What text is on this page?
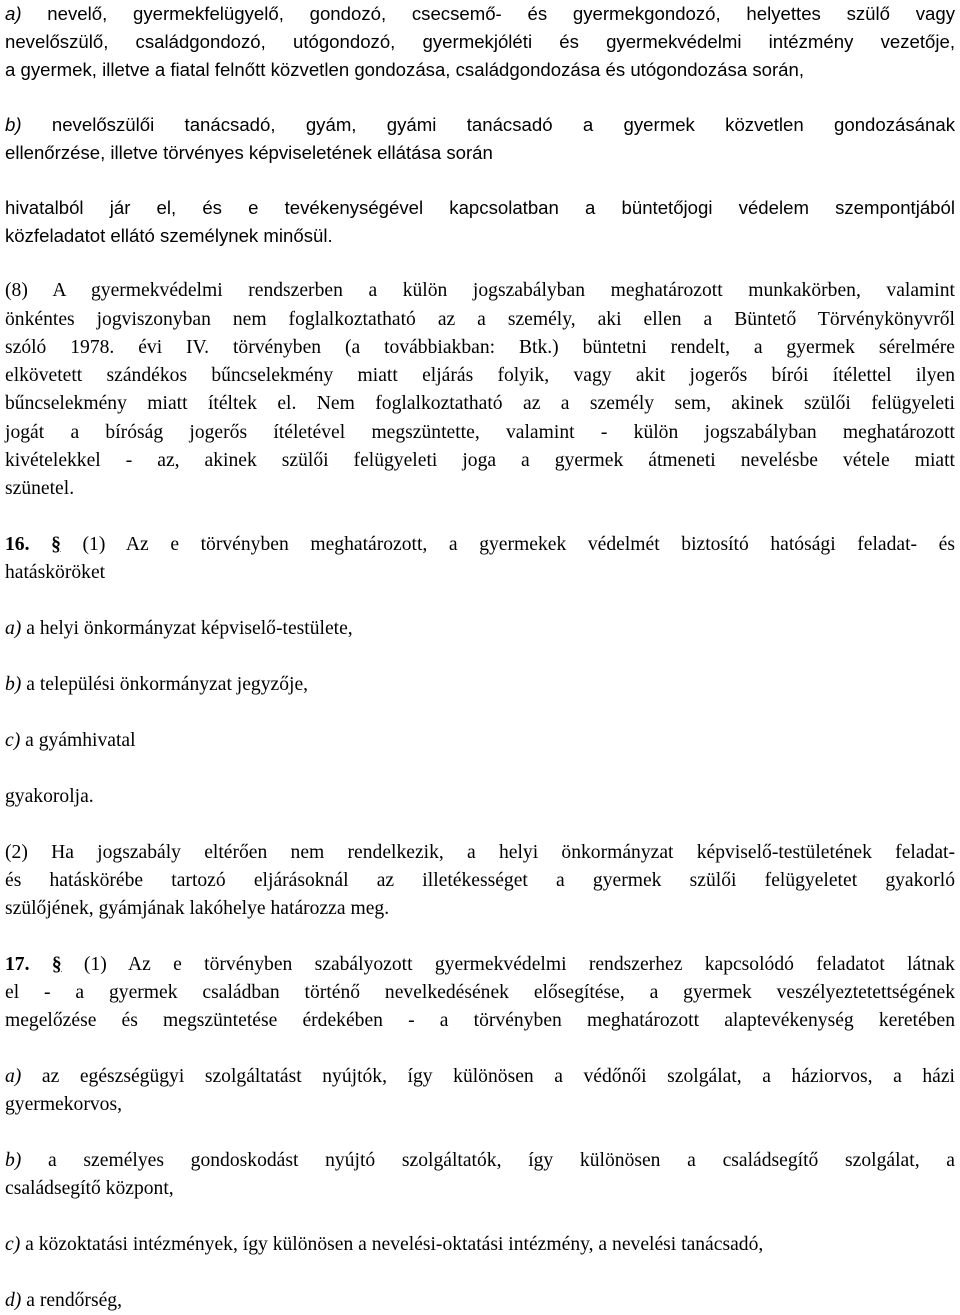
a) nevelő, gyermekfelügyelő, gondozó, csecsemő- és gyermekgondozó, helyettes szülő vagy
nevelőszülő, családgondozó, utógondozó, gyermekjóléti és gyermekvédelmi intézmény vezetője,
a gyermek, illetve a fiatal felnőtt közvetlen gondozása, családgondozása és utógondozása során,
b) nevelőszülői tanácsadó, gyám, gyámi tanácsadó a gyermek közvetlen gondozásának
ellenőrzése, illetve törvényes képviseletének ellátása során
hivatalból jár el, és e tevékenységével kapcsolatban a büntetőjogi védelem szempontjából
közfeladatot ellátó személynek minősül.
(8) A gyermekvédelmi rendszerben a külön jogszabályban meghatározott munkakörben, valamint
önkéntes jogviszonyban nem foglalkoztatható az a személy, aki ellen a Büntető Törvénykönyvről
szóló 1978. évi IV. törvényben (a továbbiakban: Btk.) büntetni rendelt, a gyermek sérelmére
elkövetett szándékos bűncselekmény miatt eljárás folyik, vagy akit jogerős bírói ítélettel ilyen
bűncselekmény miatt ítéltek el. Nem foglalkoztatható az a személy sem, akinek szülői felügyeleti
jogát a bíróság jogerős ítéletével megszüntette, valamint - külön jogszabályban meghatározott
kivételekkel - az, akinek szülői felügyeleti joga a gyermek átmeneti nevelésbe vétele miatt
szünetel.
16. § (1) Az e törvényben meghatározott, a gyermekek védelmét biztosító hatósági feladat- és
hatásköröket
a) a helyi önkormányzat képviselő-testülete,
b) a települési önkormányzat jegyzője,
c) a gyámhivatal
gyakorolja.
(2) Ha jogszabály eltérően nem rendelkezik, a helyi önkormányzat képviselő-testületének feladat-
és hatáskörébe tartozó eljárásoknál az illetékességet a gyermek szülői felügyeletet gyakorló
szülőjének, gyámjának lakóhelye határozza meg.
17. § (1) Az e törvényben szabályozott gyermekvédelmi rendszerhez kapcsolódó feladatot látnak
el - a gyermek családban történő nevelkedésének elősegítése, a gyermek veszélyeztetettségének
megelőzése és megszüntetése érdekében - a törvényben meghatározott alaptevékenység keretében
a) az egészségügyi szolgáltatást nyújtók, így különösen a védőnői szolgálat, a háziorvos, a házi
gyermekorvos,
b) a személyes gondoskodást nyújtó szolgáltatók, így különösen a családsegítő szolgálat, a
családsegítő központ,
c) a közoktatási intézmények, így különösen a nevelési-oktatási intézmény, a nevelési tanácsadó,
d) a rendőrség,
